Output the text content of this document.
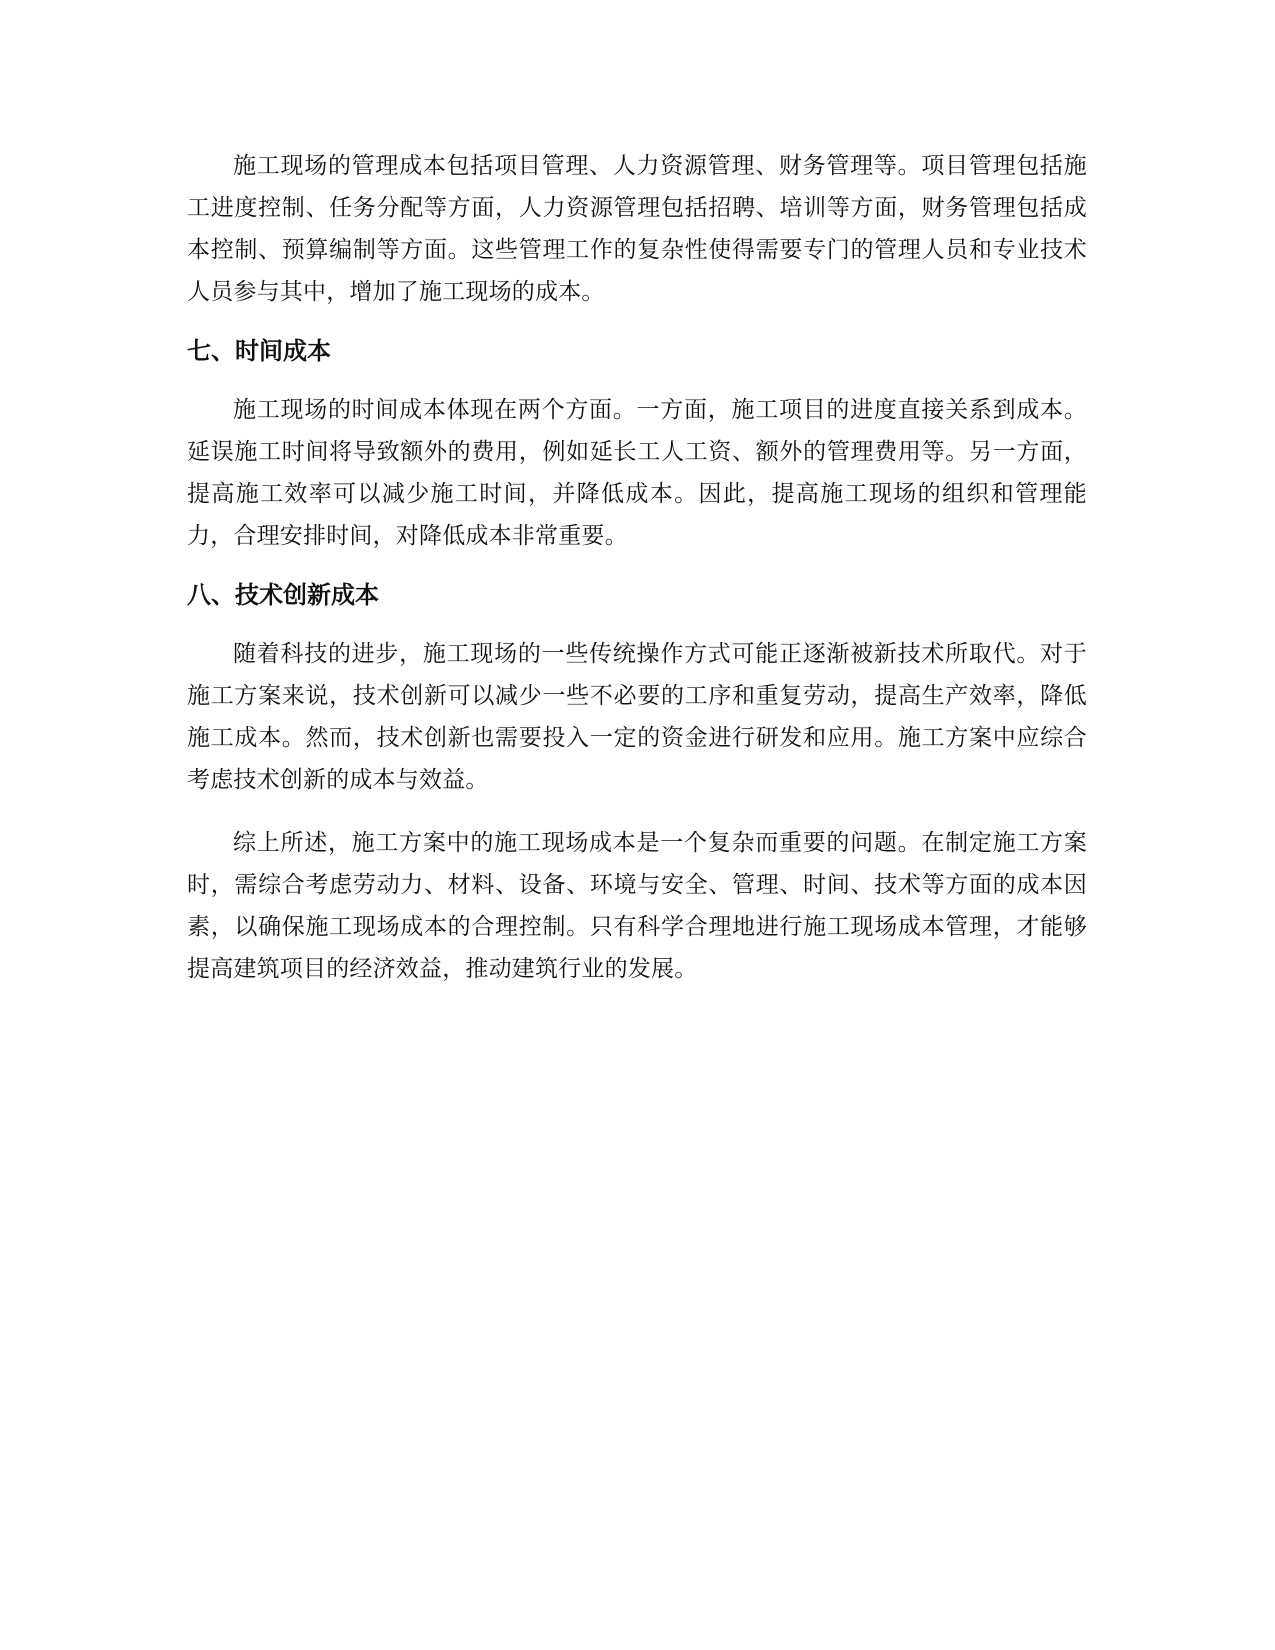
施工现场的管理成本包括项目管理、人力资源管理、财务管理等。项目管理包括施工进度控制、任务分配等方面，人力资源管理包括招聘、培训等方面，财务管理包括成本控制、预算编制等方面。这些管理工作的复杂性使得需要专门的管理人员和专业技术人员参与其中，增加了施工现场的成本。

七、时间成本

施工现场的时间成本体现在两个方面。一方面，施工项目的进度直接关系到成本。延误施工时间将导致额外的费用，例如延长工人工资、额外的管理费用等。另一方面，提高施工效率可以减少施工时间，并降低成本。因此，提高施工现场的组织和管理能力，合理安排时间，对降低成本非常重要。

八、技术创新成本

随着科技的进步，施工现场的一些传统操作方式可能正逐渐被新技术所取代。对于施工方案来说，技术创新可以减少一些不必要的工序和重复劳动，提高生产效率，降低施工成本。然而，技术创新也需要投入一定的资金进行研发和应用。施工方案中应综合考虑技术创新的成本与效益。

综上所述，施工方案中的施工现场成本是一个复杂而重要的问题。在制定施工方案时，需综合考虑劳动力、材料、设备、环境与安全、管理、时间、技术等方面的成本因素，以确保施工现场成本的合理控制。只有科学合理地进行施工现场成本管理，才能够提高建筑项目的经济效益，推动建筑行业的发展。
